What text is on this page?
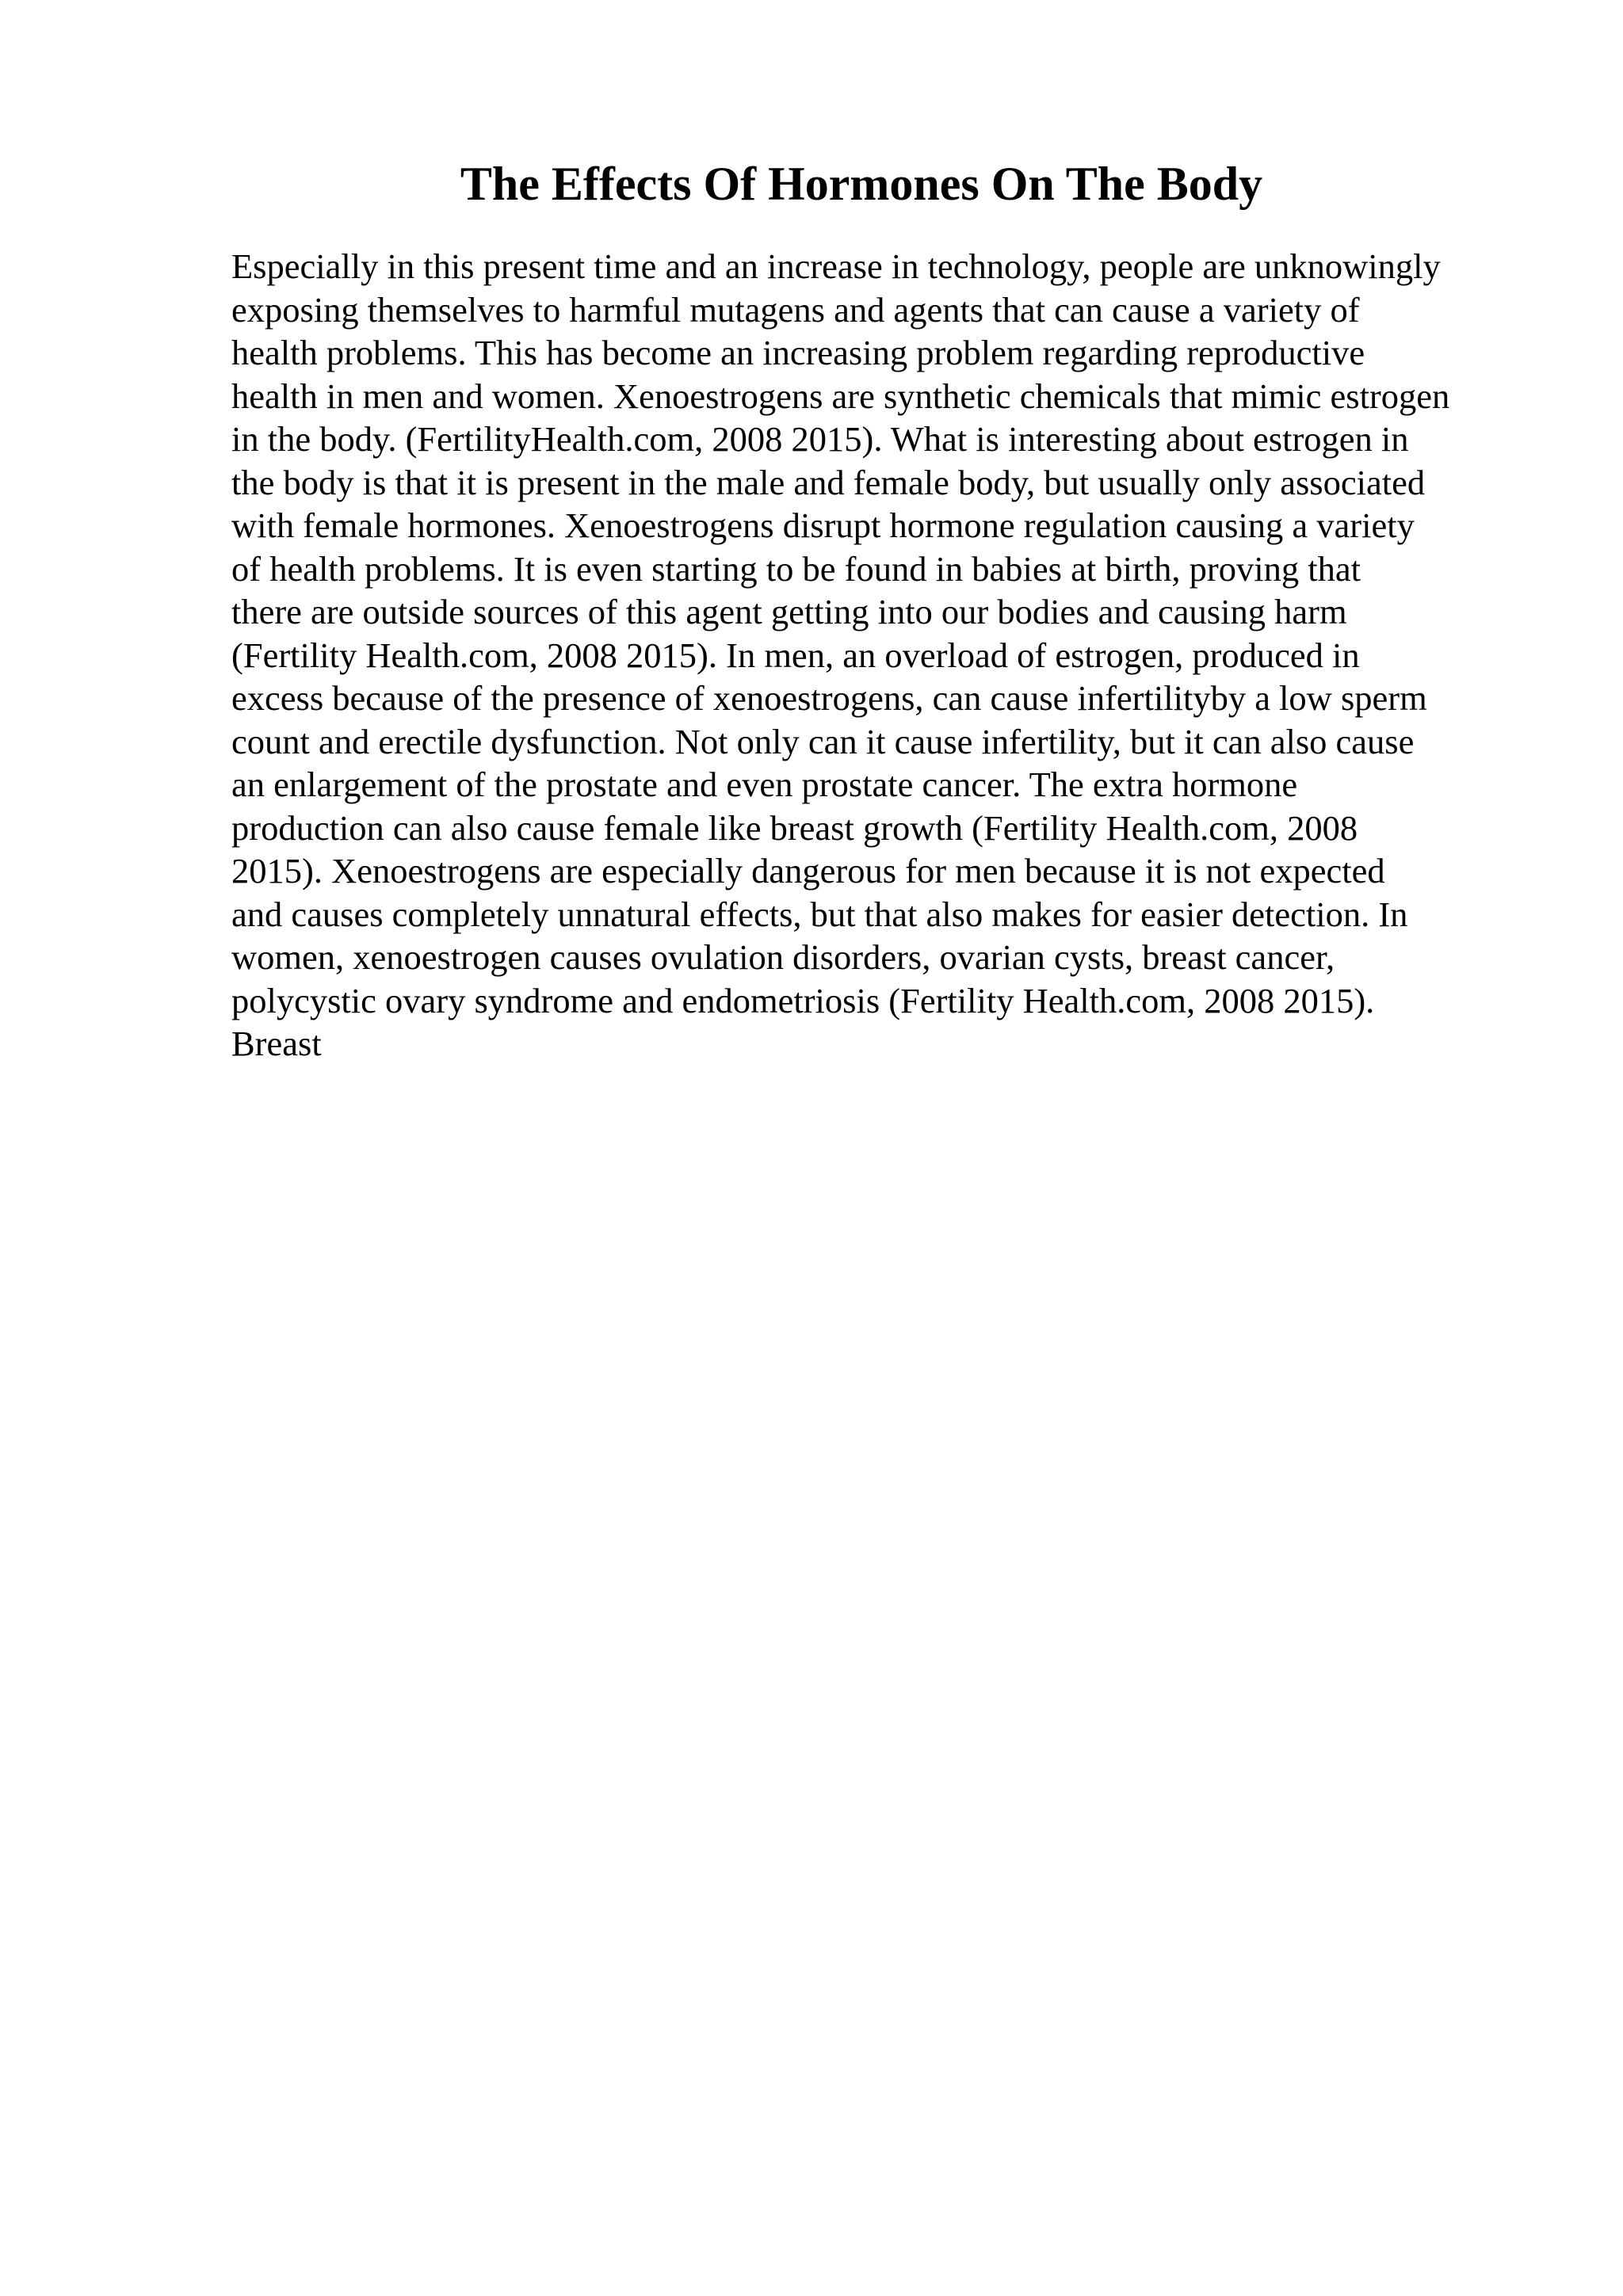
The Effects Of Hormones On The Body
Especially in this present time and an increase in technology, people are unknowingly
exposing themselves to harmful mutagens and agents that can cause a variety of
health problems. This has become an increasing problem regarding reproductive
health in men and women. Xenoestrogens are synthetic chemicals that mimic estrogen
in the body. (FertilityHealth.com, 2008 2015). What is interesting about estrogen in
the body is that it is present in the male and female body, but usually only associated
with female hormones. Xenoestrogens disrupt hormone regulation causing a variety
of health problems. It is even starting to be found in babies at birth, proving that
there are outside sources of this agent getting into our bodies and causing harm
(Fertility Health.com, 2008 2015). In men, an overload of estrogen, produced in
excess because of the presence of xenoestrogens, can cause infertilityby a low sperm
count and erectile dysfunction. Not only can it cause infertility, but it can also cause
an enlargement of the prostate and even prostate cancer. The extra hormone
production can also cause female like breast growth (Fertility Health.com, 2008
2015). Xenoestrogens are especially dangerous for men because it is not expected
and causes completely unnatural effects, but that also makes for easier detection. In
women, xenoestrogen causes ovulation disorders, ovarian cysts, breast cancer,
polycystic ovary syndrome and endometriosis (Fertility Health.com, 2008 2015).
Breast
